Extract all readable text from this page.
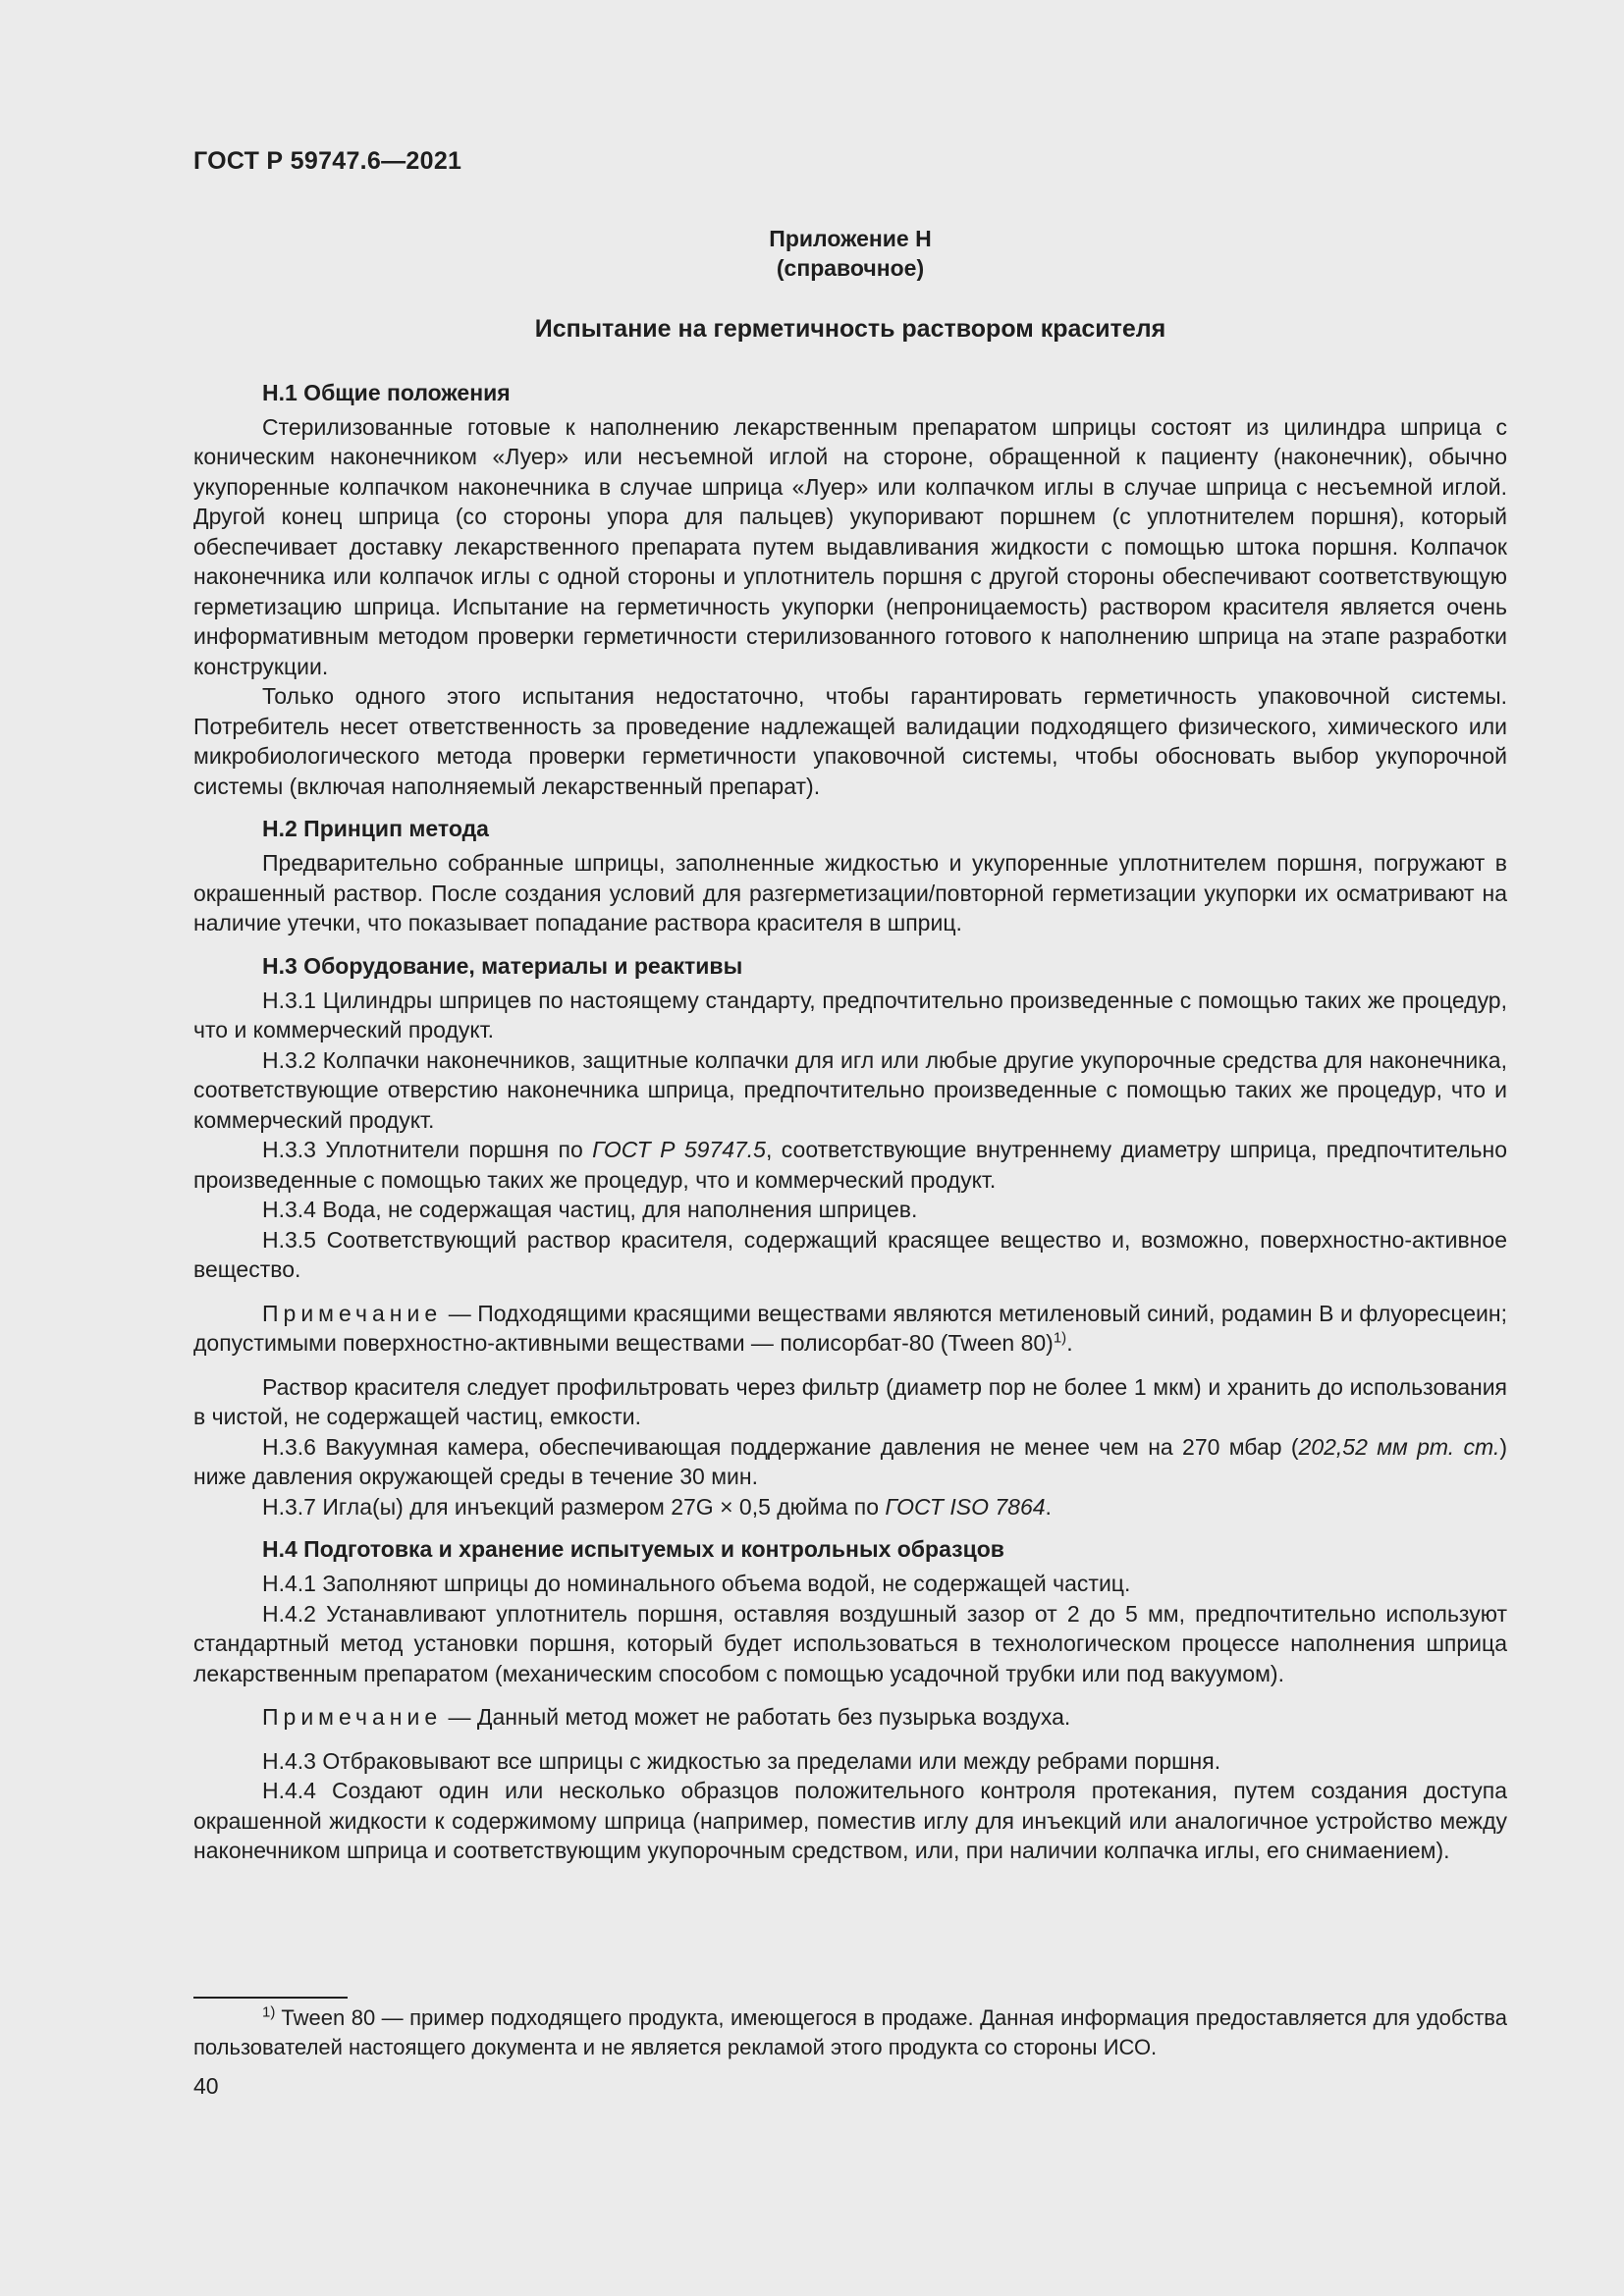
ГОСТ Р 59747.6—2021
Приложение Н
(справочное)
Испытание на герметичность раствором красителя
Н.1 Общие положения

Стерилизованные готовые к наполнению лекарственным препаратом шприцы состоят из цилиндра шприца с коническим наконечником «Луер» или несъемной иглой на стороне, обращенной к пациенту (наконечник), обычно укупоренные колпачком наконечника в случае шприца «Луер» или колпачком иглы в случае шприца с несъемной иглой. Другой конец шприца (со стороны упора для пальцев) укупоривают поршнем (с уплотнителем поршня), который обеспечивает доставку лекарственного препарата путем выдавливания жидкости с помощью штока поршня. Колпачок наконечника или колпачок иглы с одной стороны и уплотнитель поршня с другой стороны обеспечивают соответствующую герметизацию шприца. Испытание на герметичность укупорки (непроницаемость) раствором красителя является очень информативным методом проверки герметичности стерилизованного готового к наполнению шприца на этапе разработки конструкции.

Только одного этого испытания недостаточно, чтобы гарантировать герметичность упаковочной системы. Потребитель несет ответственность за проведение надлежащей валидации подходящего физического, химического или микробиологического метода проверки герметичности упаковочной системы, чтобы обосновать выбор укупорочной системы (включая наполняемый лекарственный препарат).

Н.2 Принцип метода

Предварительно собранные шприцы, заполненные жидкостью и укупоренные уплотнителем поршня, погружают в окрашенный раствор. После создания условий для разгерметизации/повторной герметизации укупорки их осматривают на наличие утечки, что показывает попадание раствора красителя в шприц.

Н.3 Оборудование, материалы и реактивы

Н.3.1 Цилиндры шприцев по настоящему стандарту, предпочтительно произведенные с помощью таких же процедур, что и коммерческий продукт.

Н.3.2 Колпачки наконечников, защитные колпачки для игл или любые другие укупорочные средства для наконечника, соответствующие отверстию наконечника шприца, предпочтительно произведенные с помощью таких же процедур, что и коммерческий продукт.

Н.3.3 Уплотнители поршня по ГОСТ Р 59747.5, соответствующие внутреннему диаметру шприца, предпочтительно произведенные с помощью таких же процедур, что и коммерческий продукт.

Н.3.4 Вода, не содержащая частиц, для наполнения шприцев.

Н.3.5 Соответствующий раствор красителя, содержащий красящее вещество и, возможно, поверхностно-активное вещество.

Примечание — Подходящими красящими веществами являются метиленовый синий, родамин В и флуоресцеин; допустимыми поверхностно-активными веществами — полисорбат-80 (Tween 80)$^{1)}$.

Раствор красителя следует профильтровать через фильтр (диаметр пор не более 1 мкм) и хранить до использования в чистой, не содержащей частиц, емкости.

Н.3.6 Вакуумная камера, обеспечивающая поддержание давления не менее чем на 270 мбар (202,52 мм рт. ст.) ниже давления окружающей среды в течение 30 мин.

Н.3.7 Игла(ы) для инъекций размером 27G × 0,5 дюйма по ГОСТ ISO 7864.

Н.4 Подготовка и хранение испытуемых и контрольных образцов

Н.4.1 Заполняют шприцы до номинального объема водой, не содержащей частиц.

Н.4.2 Устанавливают уплотнитель поршня, оставляя воздушный зазор от 2 до 5 мм, предпочтительно используют стандартный метод установки поршня, который будет использоваться в технологическом процессе наполнения шприца лекарственным препаратом (механическим способом с помощью усадочной трубки или под вакуумом).

Примечание — Данный метод может не работать без пузырька воздуха.

Н.4.3 Отбраковывают все шприцы с жидкостью за пределами или между ребрами поршня.

Н.4.4 Создают один или несколько образцов положительного контроля протекания, путем создания доступа окрашенной жидкости к содержимому шприца (например, поместив иглу для инъекций или аналогичное устройство между наконечником шприца и соответствующим укупорочным средством, или, при наличии колпачка иглы, его снимаением).

$^{1)}$ Tween 80 — пример подходящего продукта, имеющегося в продаже. Данная информация предоставляется для удобства пользователей настоящего документа и не является рекламой этого продукта со стороны ИСО.
40
